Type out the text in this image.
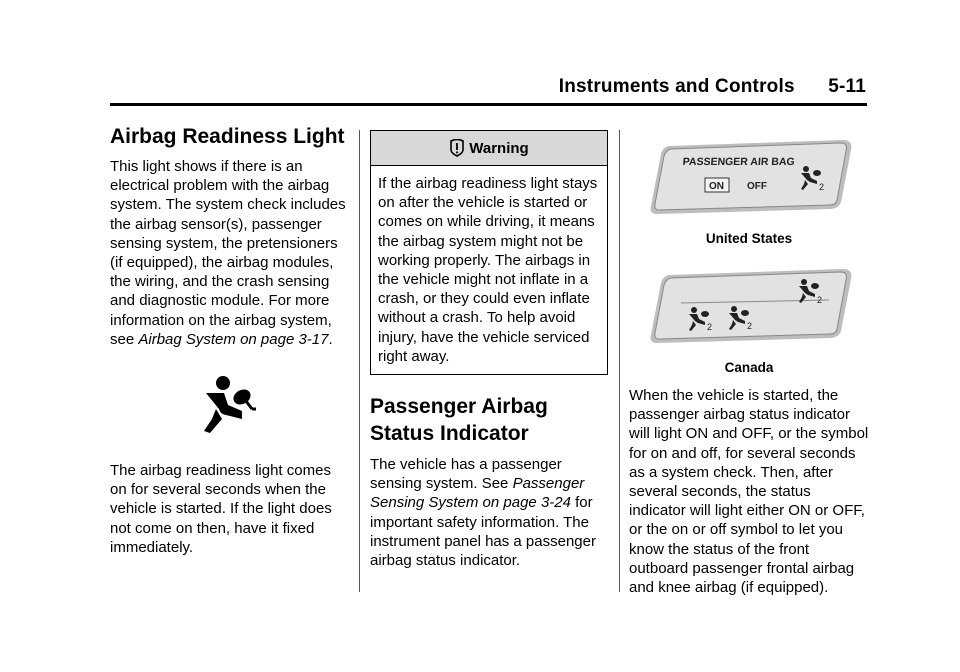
Instruments and Controls 5-11
Airbag Readiness Light

This light shows if there is an electrical problem with the airbag system. The system check includes the airbag sensor(s), passenger sensing system, the pretensioners (if equipped), the airbag modules, the wiring, and the crash sensing and diagnostic module. For more information on the airbag system, see Airbag System on page 3-17.

The airbag readiness light comes on for several seconds when the vehicle is started. If the light does not come on then, have it fixed immediately.

Warning

If the airbag readiness light stays on after the vehicle is started or comes on while driving, it means the airbag system might not be working properly. The airbags in the vehicle might not inflate in a crash, or they could even inflate without a crash. To help avoid injury, have the vehicle serviced right away.

Passenger Airbag Status Indicator

The vehicle has a passenger sensing system. See Passenger Sensing System on page 3-24 for important safety information. The instrument panel has a passenger airbag status indicator.

PASSENGER AIR BAG
ON OFF	2
United States
2	2
2
Canada

When the vehicle is started, the passenger airbag status indicator will light ON and OFF, or the symbol for on and off, for several seconds as a system check. Then, after several seconds, the status indicator will light either ON or OFF, or the on or off symbol to let you know the status of the front outboard passenger frontal airbag and knee airbag (if equipped).
